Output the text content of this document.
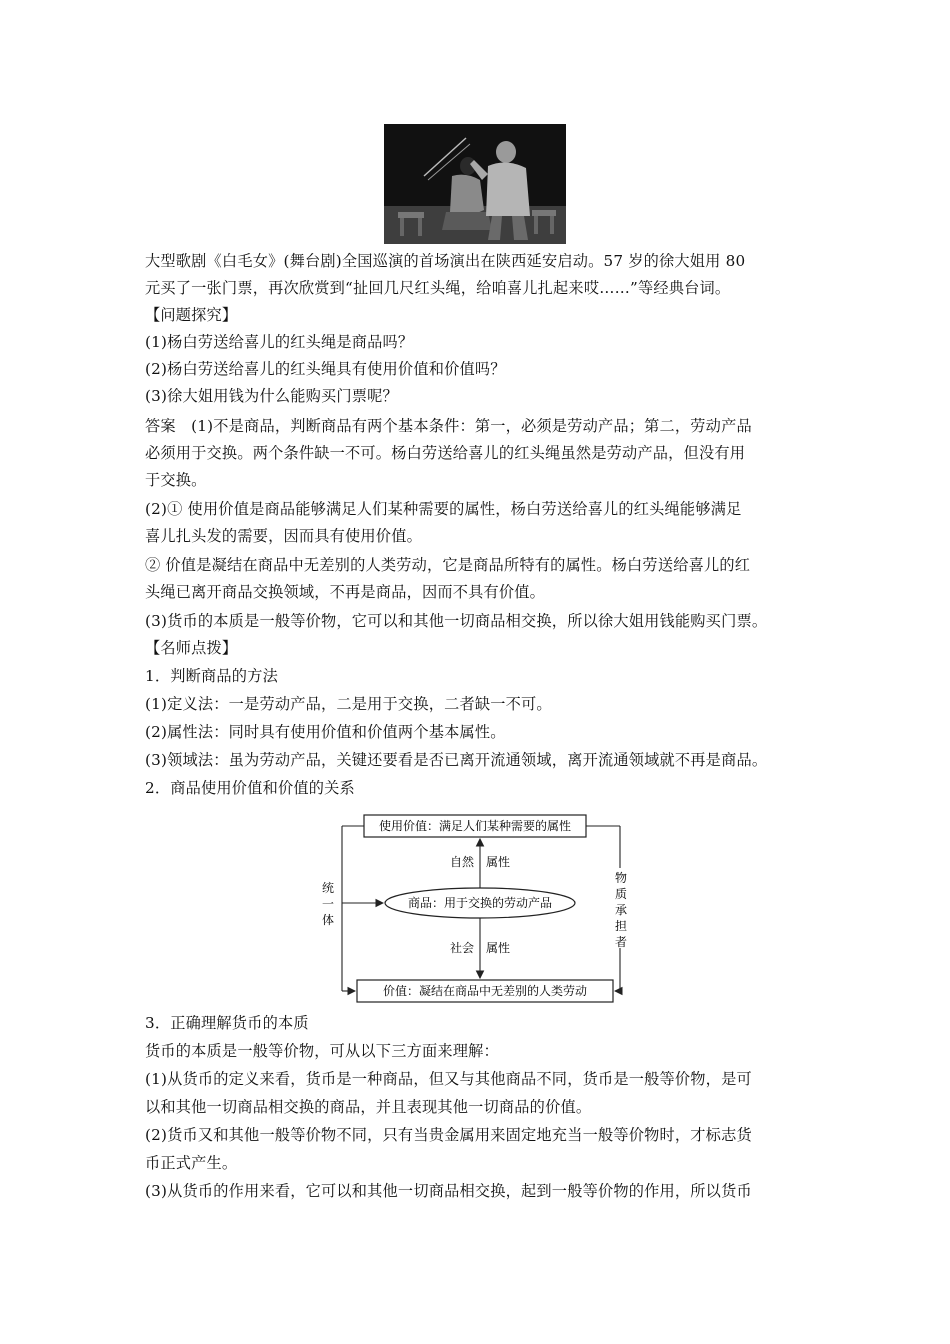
大型歌剧《白毛女》(舞台剧)全国巡演的首场演出在陕西延安启动。57 岁的徐大姐用 80
元买了一张门票，再次欣赏到“扯回几尺红头绳，给咱喜儿扎起来哎……”等经典台词。
【问题探究】
(1)杨白劳送给喜儿的红头绳是商品吗？
(2)杨白劳送给喜儿的红头绳具有使用价值和价值吗？
(3)徐大姐用钱为什么能购买门票呢？
答案　(1)不是商品，判断商品有两个基本条件：第一，必须是劳动产品；第二，劳动产品
必须用于交换。两个条件缺一不可。杨白劳送给喜儿的红头绳虽然是劳动产品，但没有用
于交换。
(2)① 使用价值是商品能够满足人们某种需要的属性，杨白劳送给喜儿的红头绳能够满足
喜儿扎头发的需要，因而具有使用价值。
② 价值是凝结在商品中无差别的人类劳动，它是商品所特有的属性。杨白劳送给喜儿的红
头绳已离开商品交换领域，不再是商品，因而不具有价值。
(3)货币的本质是一般等价物，它可以和其他一切商品相交换，所以徐大姐用钱能购买门票。
【名师点拨】
1．判断商品的方法
(1)定义法：一是劳动产品，二是用于交换，二者缺一不可。
(2)属性法：同时具有使用价值和价值两个基本属性。
(3)领域法：虽为劳动产品，关键还要看是否已离开流通领域，离开流通领域就不再是商品。
2．商品使用价值和价值的关系
使用价值：满足人们某种需要的属性
价值：凝结在商品中无差别的人类劳动
商品：用于交换的劳动产品
自然 属性
社会 属性
统
一
体
物
质
承
担
者
3．正确理解货币的本质
货币的本质是一般等价物，可从以下三方面来理解：
(1)从货币的定义来看，货币是一种商品，但又与其他商品不同，货币是一般等价物，是可
以和其他一切商品相交换的商品，并且表现其他一切商品的价值。
(2)货币又和其他一般等价物不同，只有当贵金属用来固定地充当一般等价物时，才标志货
币正式产生。
(3)从货币的作用来看，它可以和其他一切商品相交换，起到一般等价物的作用，所以货币
